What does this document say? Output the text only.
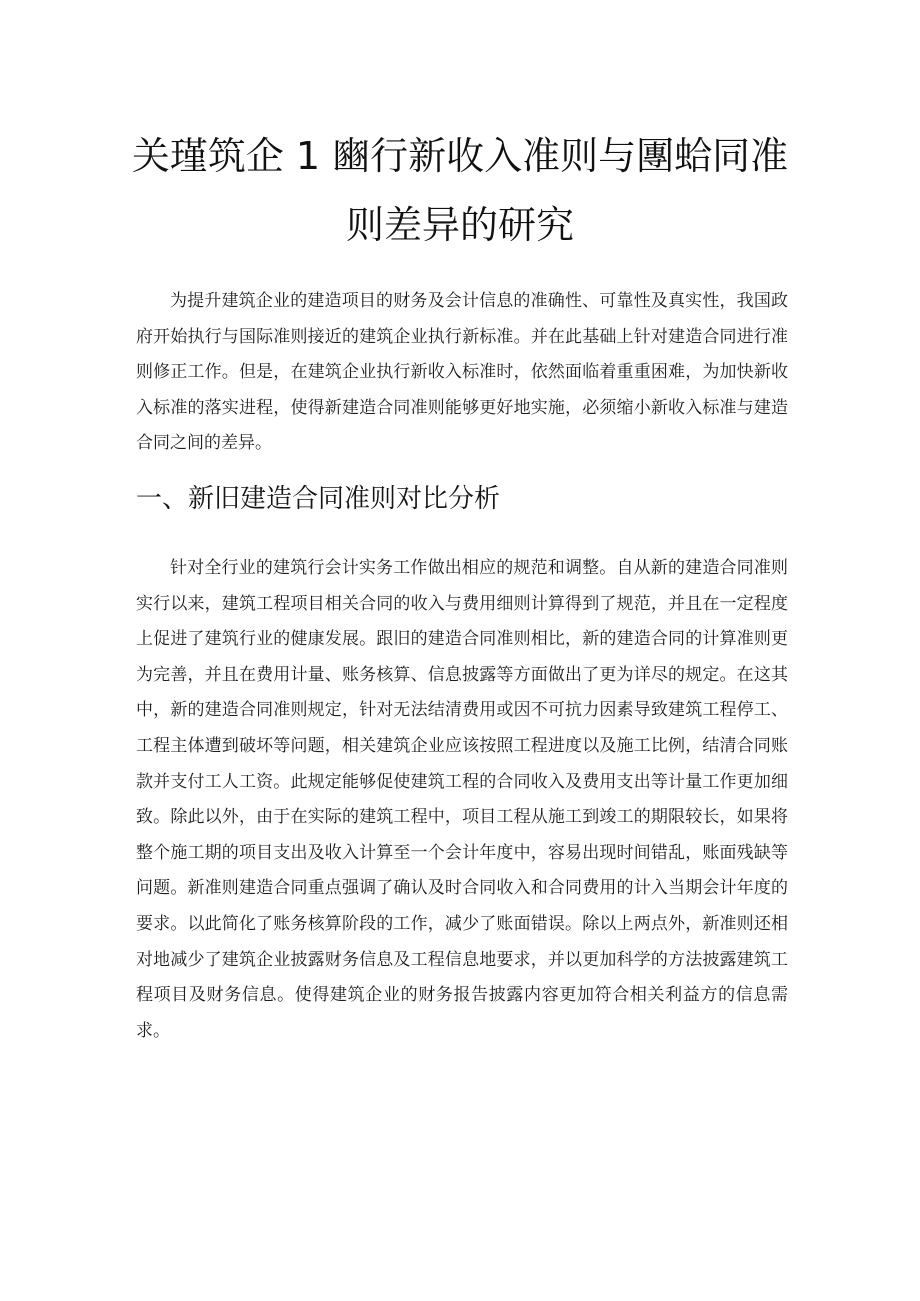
关瑾筑企 1 豳行新收入准则与團蛤同准
则差异的研究

为提升建筑企业的建造项目的财务及会计信息的准确性、可靠性及真实性，我国政府开始执行与国际准则接近的建筑企业执行新标准。并在此基础上针对建造合同进行准则修正工作。但是，在建筑企业执行新收入标准时，依然面临着重重困难，为加快新收入标准的落实进程，使得新建造合同准则能够更好地实施，必须缩小新收入标准与建造合同之间的差异。

一、新旧建造合同准则对比分析

针对全行业的建筑行会计实务工作做出相应的规范和调整。自从新的建造合同准则实行以来，建筑工程项目相关合同的收入与费用细则计算得到了规范，并且在一定程度上促进了建筑行业的健康发展。跟旧的建造合同准则相比，新的建造合同的计算准则更为完善，并且在费用计量、账务核算、信息披露等方面做出了更为详尽的规定。在这其中，新的建造合同准则规定，针对无法结清费用或因不可抗力因素导致建筑工程停工、工程主体遭到破坏等问题，相关建筑企业应该按照工程进度以及施工比例，结清合同账款并支付工人工资。此规定能够促使建筑工程的合同收入及费用支出等计量工作更加细致。除此以外，由于在实际的建筑工程中，项目工程从施工到竣工的期限较长，如果将整个施工期的项目支出及收入计算至一个会计年度中，容易出现时间错乱，账面残缺等问题。新准则建造合同重点强调了确认及时合同收入和合同费用的计入当期会计年度的要求。以此简化了账务核算阶段的工作，减少了账面错误。除以上两点外，新准则还相对地减少了建筑企业披露财务信息及工程信息地要求，并以更加科学的方法披露建筑工程项目及财务信息。使得建筑企业的财务报告披露内容更加符合相关利益方的信息需求。
